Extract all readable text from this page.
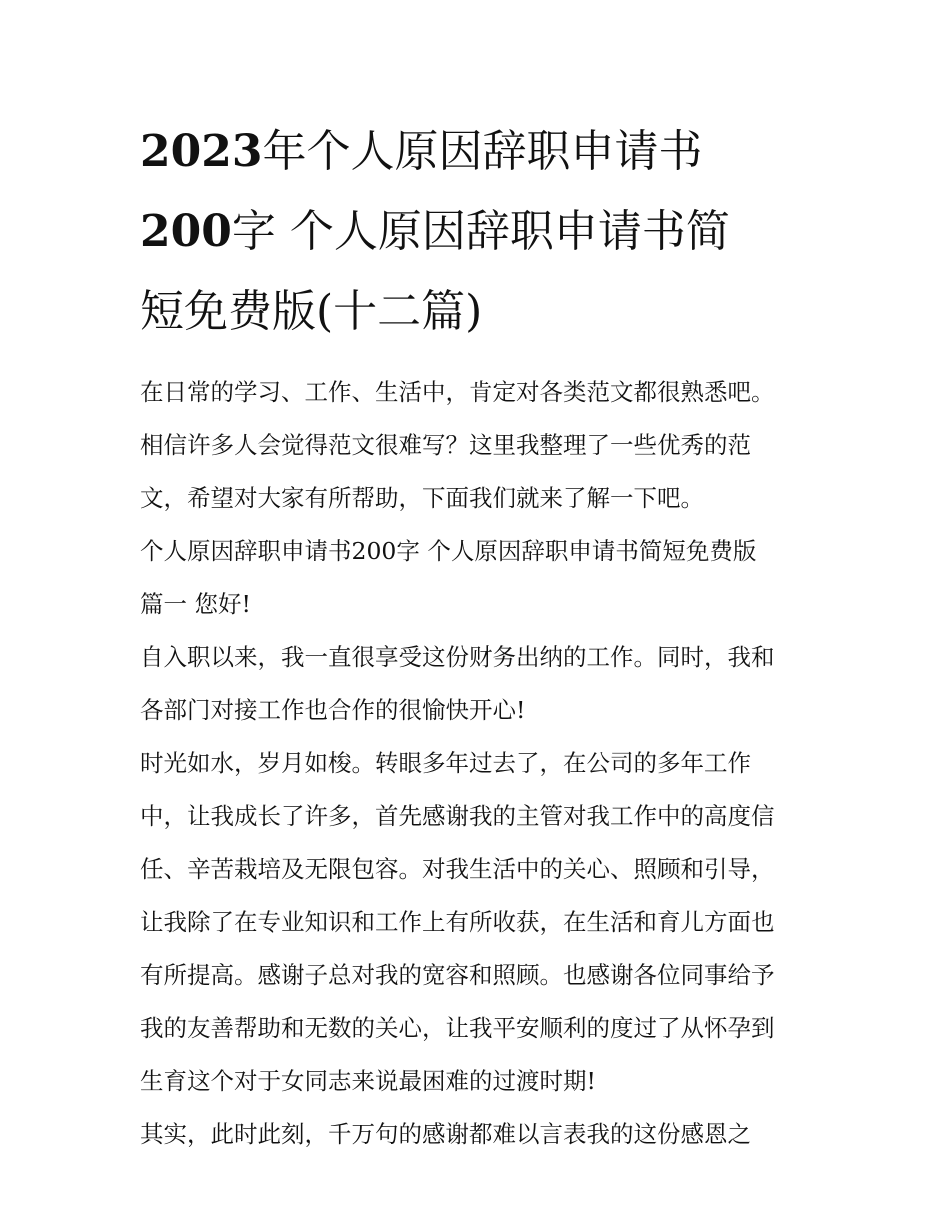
2023年个人原因辞职申请书
200字 个人原因辞职申请书简
短免费版(十二篇)

在日常的学习、工作、生活中，肯定对各类范文都很熟悉吧。
相信许多人会觉得范文很难写？这里我整理了一些优秀的范
文，希望对大家有所帮助，下面我们就来了解一下吧。

个人原因辞职申请书200字 个人原因辞职申请书简短免费版
篇一 您好!

自入职以来，我一直很享受这份财务出纳的工作。同时，我和
各部门对接工作也合作的很愉快开心!

时光如水，岁月如梭。转眼多年过去了，在公司的多年工作
中，让我成长了许多，首先感谢我的主管对我工作中的高度信
任、辛苦栽培及无限包容。对我生活中的关心、照顾和引导，
让我除了在专业知识和工作上有所收获，在生活和育儿方面也
有所提高。感谢子总对我的宽容和照顾。也感谢各位同事给予
我的友善帮助和无数的关心，让我平安顺利的度过了从怀孕到
生育这个对于女同志来说最困难的过渡时期!

其实，此时此刻，千万句的感谢都难以言表我的这份感恩之
